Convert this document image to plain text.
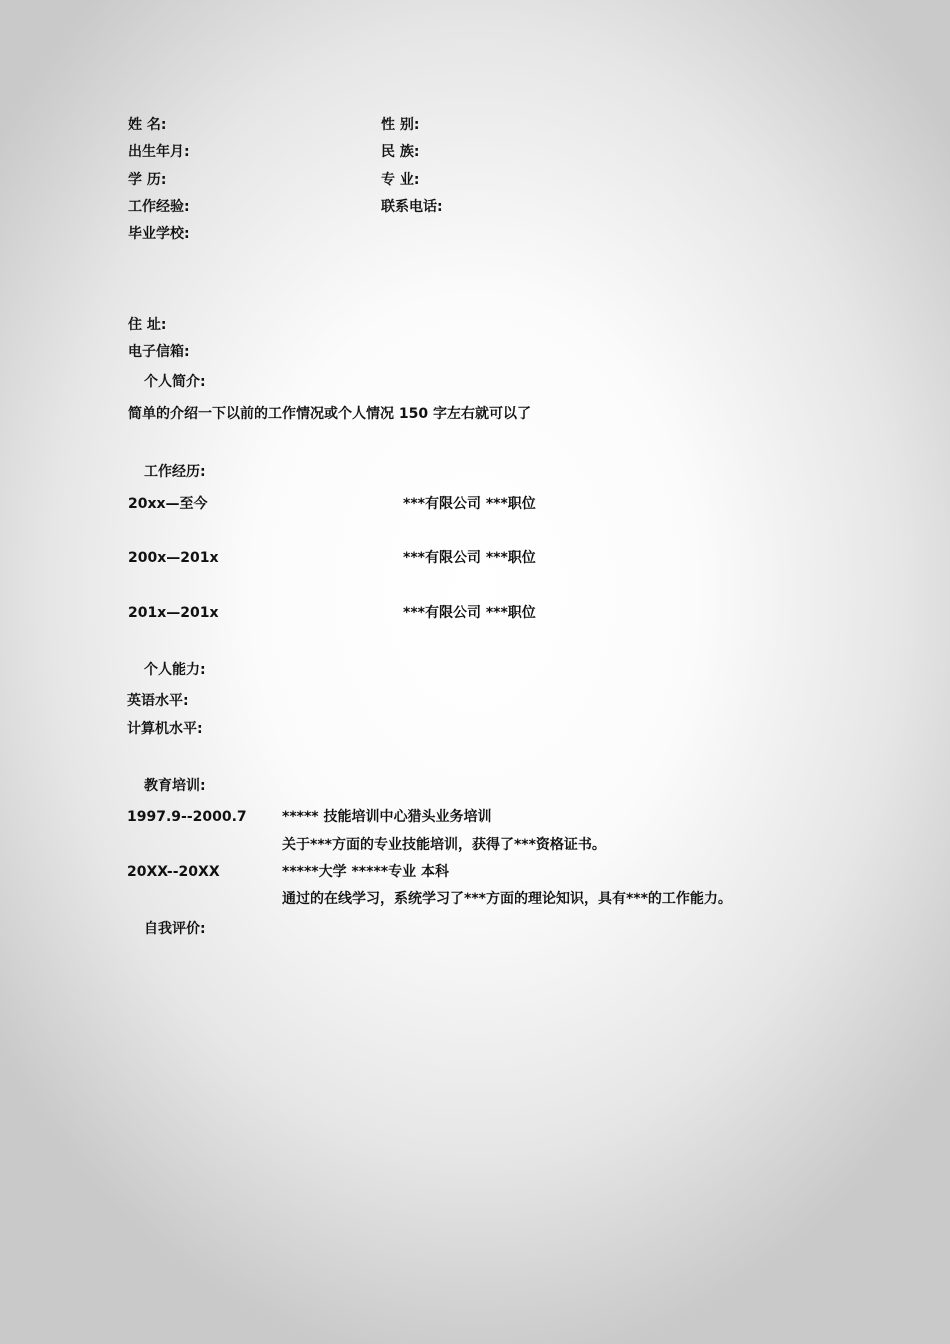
姓 名:	性 别:
出生年月:	民 族:
学 历:	专 业:
工作经验:	联系电话:
毕业学校:
住 址:
电子信箱:
个人简介:
简单的介绍一下以前的工作情况或个人情况 150 字左右就可以了
工作经历:
20xx—至今	***有限公司 ***职位
200x—201x	***有限公司 ***职位
201x—201x	***有限公司 ***职位
个人能力:
英语水平:
计算机水平:
教育培训:
1997.9--2000.7	***** 技能培训中心猎头业务培训
关于***方面的专业技能培训，获得了***资格证书。
20XX--20XX	*****大学 *****专业 本科
通过的在线学习，系统学习了***方面的理论知识，具有***的工作能力。
自我评价:
